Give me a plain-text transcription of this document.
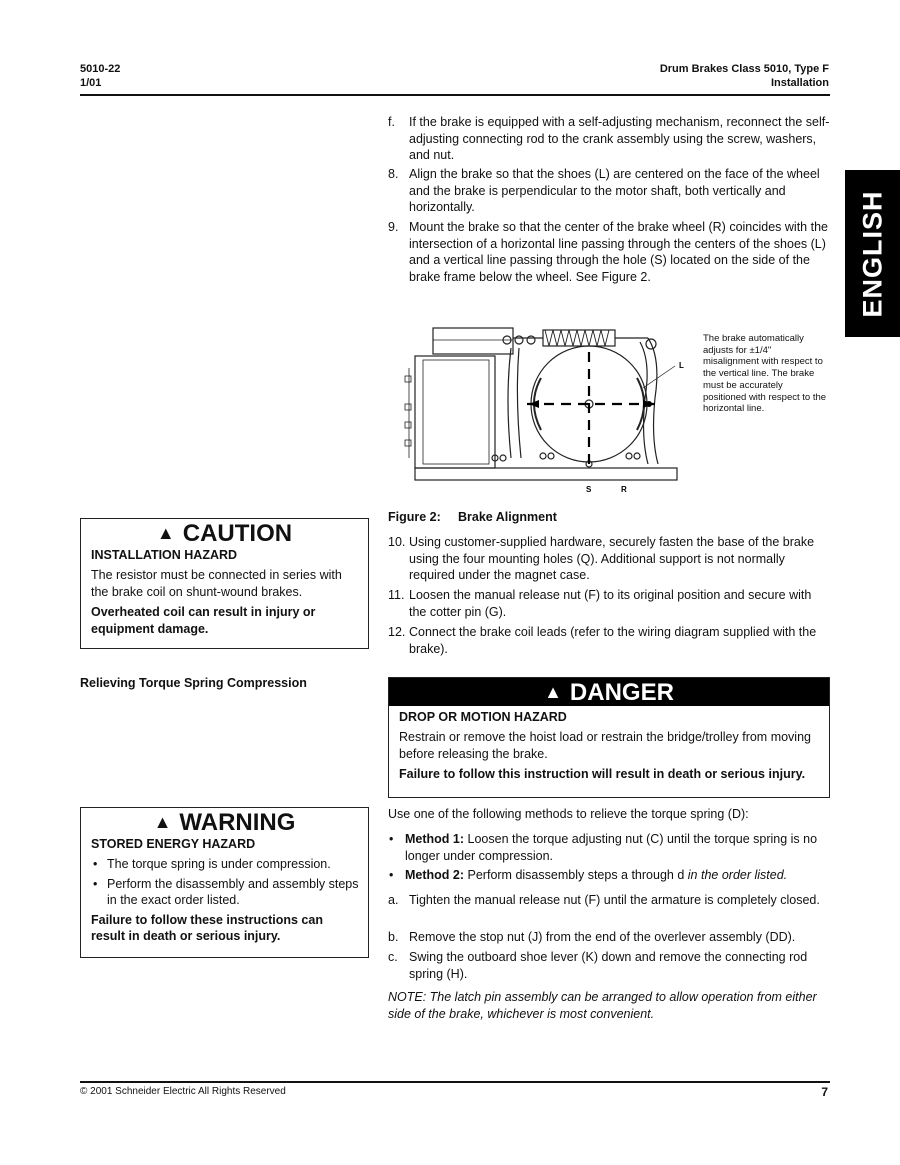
5010-22
1/01
Drum Brakes Class 5010, Type F
Installation
ENGLISH
f. If the brake is equipped with a self-adjusting mechanism, reconnect the self-adjusting connecting rod to the crank assembly using the screw, washers, and nut.
8. Align the brake so that the shoes (L) are centered on the face of the wheel and the brake is perpendicular to the motor shaft, both vertically and horizontally.
9. Mount the brake so that the center of the brake wheel (R) coincides with the intersection of a horizontal line passing through the centers of the shoes (L) and a vertical line passing through the hole (S) located on the side of the brake frame below the wheel. See Figure 2.
L
S	R
The brake automatically adjusts for ±1/4" misalignment with respect to the vertical line. The brake must be accurately positioned with respect to the horizontal line.
Figure 2: Brake Alignment
10. Using customer-supplied hardware, securely fasten the base of the brake using the four mounting holes (Q). Additional support is not normally required under the magnet case.
11. Loosen the manual release nut (F) to its original position and secure with the cotter pin (G).
12. Connect the brake coil leads (refer to the wiring diagram supplied with the brake).
▲ CAUTION
INSTALLATION HAZARD

The resistor must be connected in series with the brake coil on shunt-wound brakes.

Overheated coil can result in injury or equipment damage.

Relieving Torque Spring Compression	▲ DANGER
DROP OR MOTION HAZARD

Restrain or remove the hoist load or restrain the bridge/trolley from moving before releasing the brake.

Failure to follow this instruction will result in death or serious injury.

▲ WARNING
STORED ENERGY HAZARD
• The torque spring is under compression.
• Perform the disassembly and assembly steps in the exact order listed.

Failure to follow these instructions can result in death or serious injury.

Use one of the following methods to relieve the torque spring (D):
• Method 1: Loosen the torque adjusting nut (C) until the torque spring is no longer under compression.
• Method 2: Perform disassembly steps a through d in the order listed.
a. Tighten the manual release nut (F) until the armature is completely closed.
b. Remove the stop nut (J) from the end of the overlever assembly (DD).
c. Swing the outboard shoe lever (K) down and remove the connecting rod spring (H).
NOTE: The latch pin assembly can be arranged to allow operation from either side of the brake, whichever is most convenient.
© 2001 Schneider Electric All Rights Reserved	7
